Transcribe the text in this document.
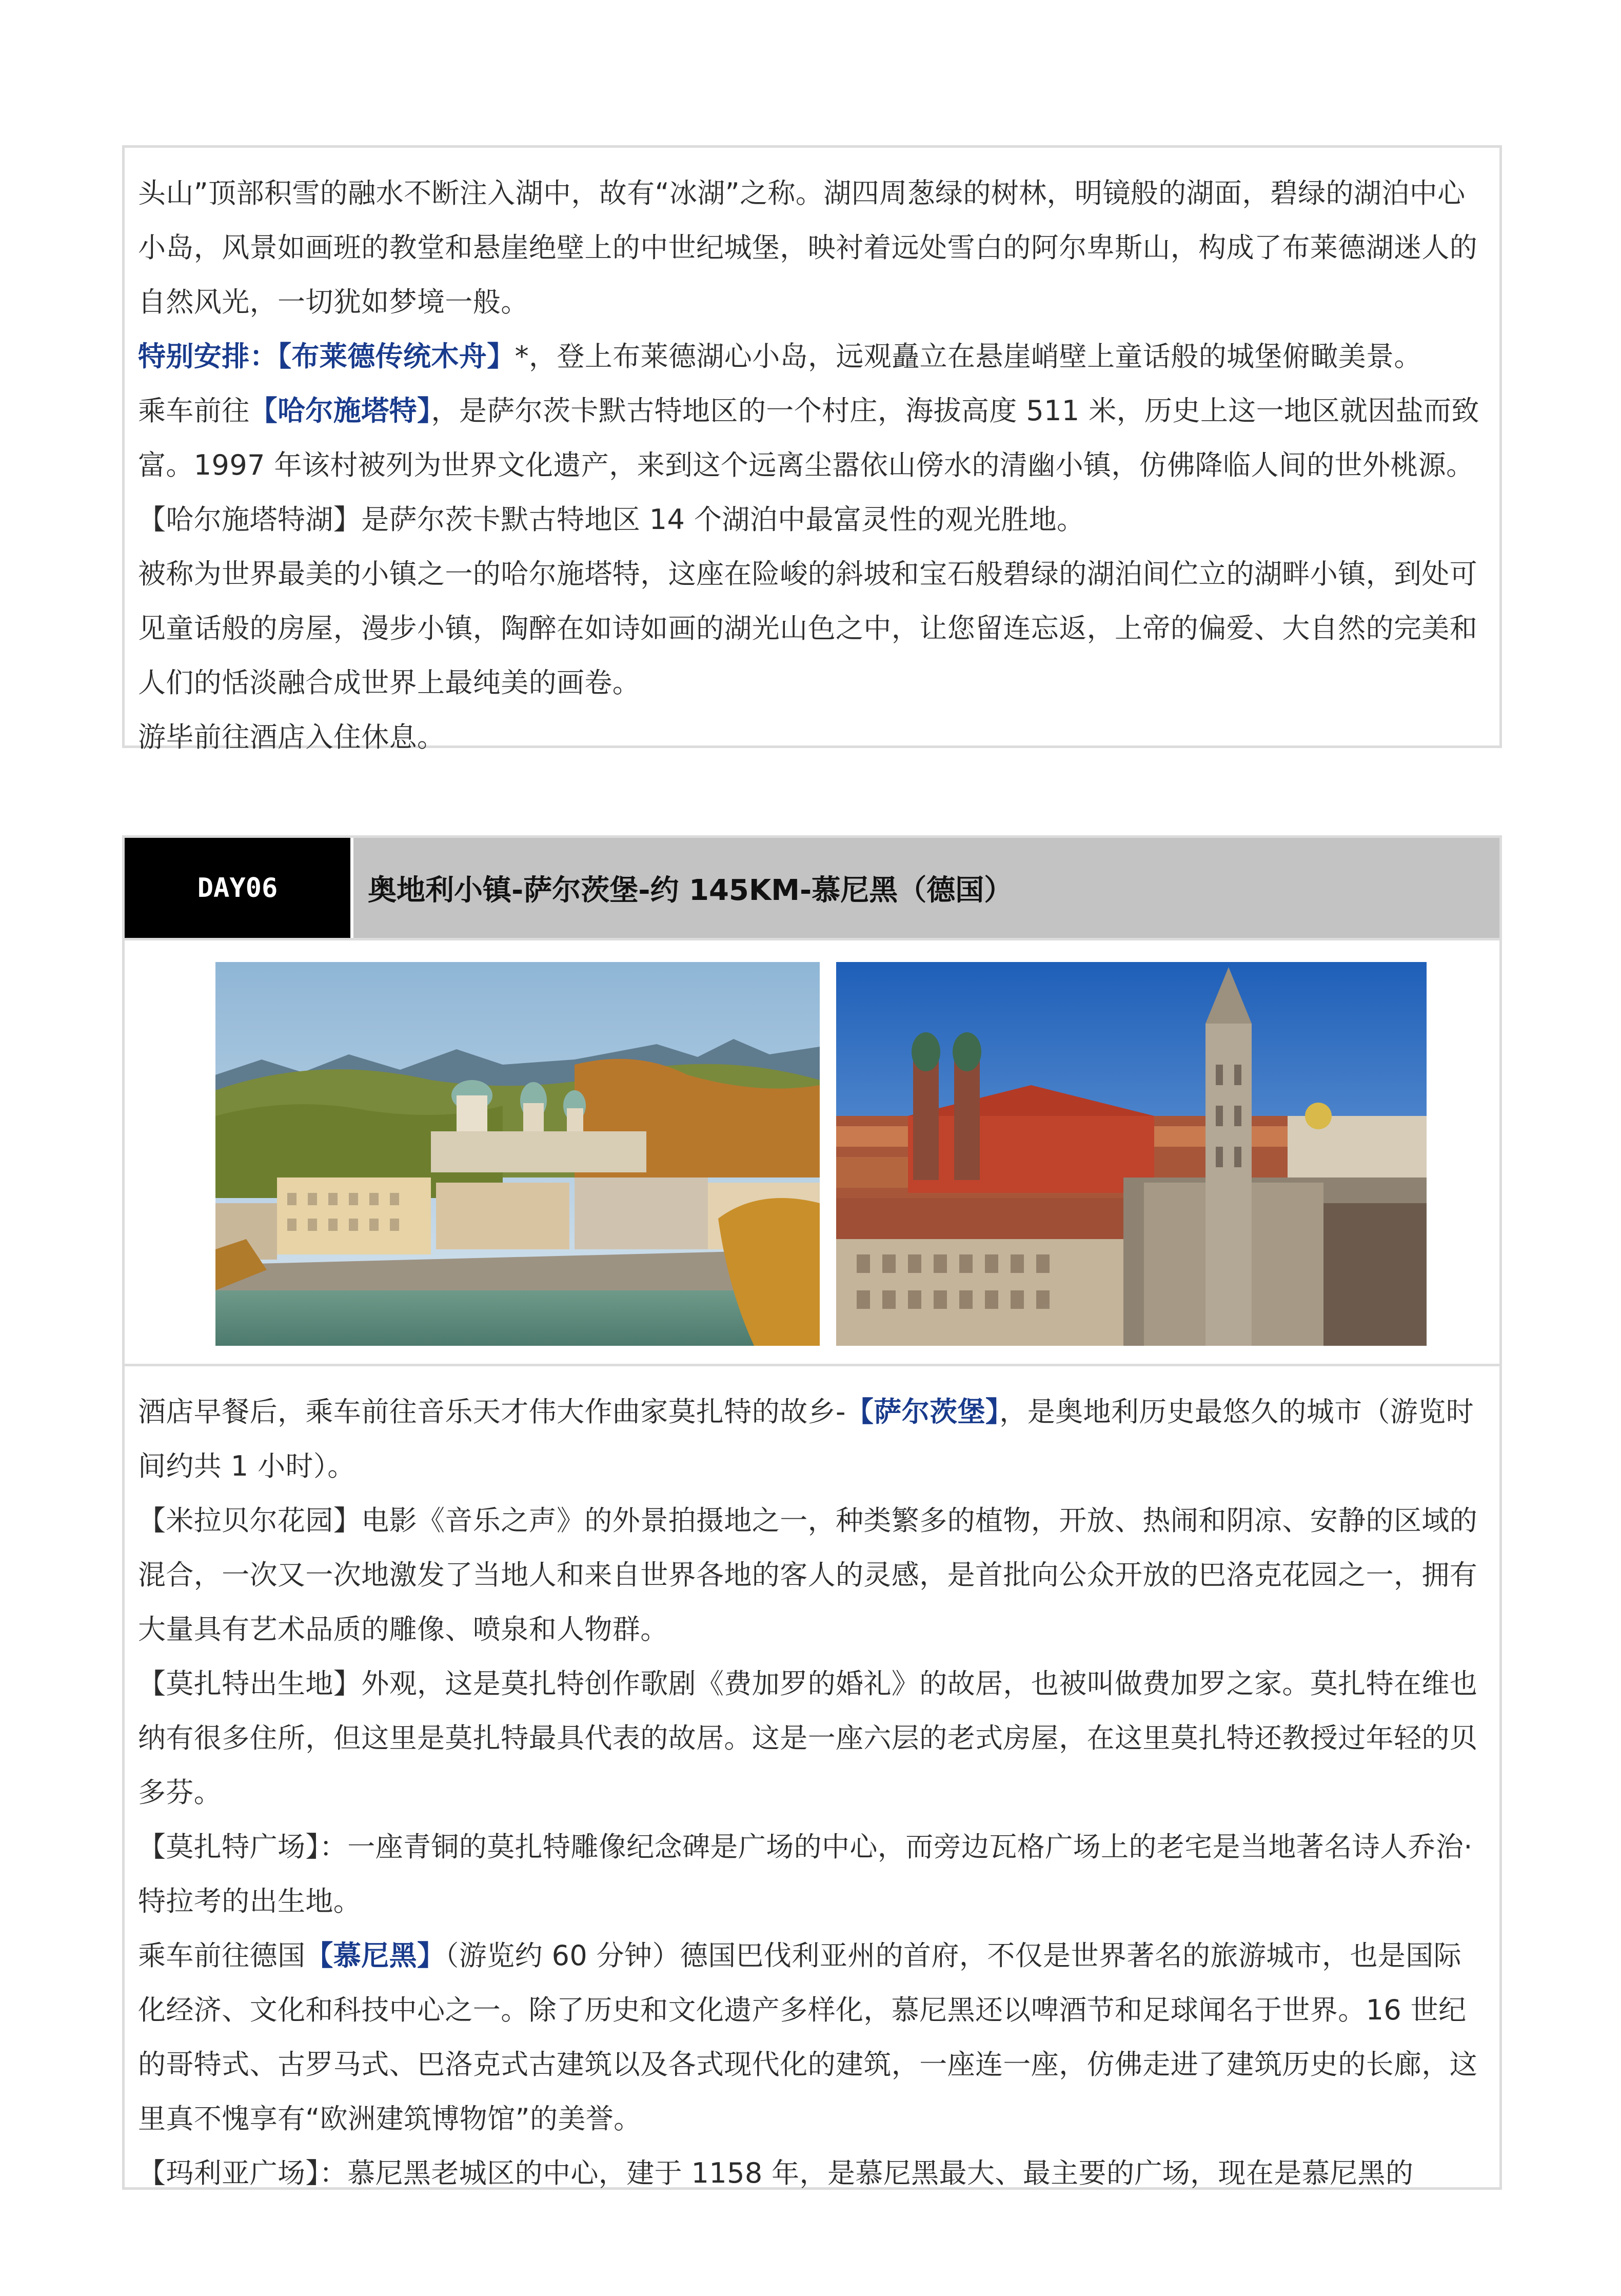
头山”顶部积雪的融水不断注入湖中，故有“冰湖”之称。湖四周葱绿的树林，明镜般的湖面，碧绿的湖泊中心小岛，风景如画班的教堂和悬崖绝壁上的中世纪城堡，映衬着远处雪白的阿尔卑斯山，构成了布莱德湖迷人的自然风光，一切犹如梦境一般。

特别安排：【布莱德传统木舟】*，登上布莱德湖心小岛，远观矗立在悬崖峭壁上童话般的城堡俯瞰美景。

乘车前往【哈尔施塔特】，是萨尔茨卡默古特地区的一个村庄，海拔高度 511 米，历史上这一地区就因盐而致富。1997 年该村被列为世界文化遗产，来到这个远离尘嚣依山傍水的清幽小镇，仿佛降临人间的世外桃源。【哈尔施塔特湖】是萨尔茨卡默古特地区 14 个湖泊中最富灵性的观光胜地。

被称为世界最美的小镇之一的哈尔施塔特，这座在险峻的斜坡和宝石般碧绿的湖泊间伫立的湖畔小镇，到处可见童话般的房屋，漫步小镇，陶醉在如诗如画的湖光山色之中，让您留连忘返，上帝的偏爱、大自然的完美和人们的恬淡融合成世界上最纯美的画卷。

游毕前往酒店入住休息。

DAY06	奥地利小镇-萨尔茨堡-约 145KM-慕尼黑（德国）

酒店早餐后，乘车前往音乐天才伟大作曲家莫扎特的故乡-【萨尔茨堡】，是奥地利历史最悠久的城市（游览时间约共 1 小时）。

【米拉贝尔花园】电影《音乐之声》的外景拍摄地之一，种类繁多的植物，开放、热闹和阴凉、安静的区域的混合，一次又一次地激发了当地人和来自世界各地的客人的灵感，是首批向公众开放的巴洛克花园之一，拥有大量具有艺术品质的雕像、喷泉和人物群。

【莫扎特出生地】外观，这是莫扎特创作歌剧《费加罗的婚礼》的故居，也被叫做费加罗之家。莫扎特在维也纳有很多住所，但这里是莫扎特最具代表的故居。这是一座六层的老式房屋，在这里莫扎特还教授过年轻的贝多芬。

【莫扎特广场】：一座青铜的莫扎特雕像纪念碑是广场的中心，而旁边瓦格广场上的老宅是当地著名诗人乔治·特拉考的出生地。

乘车前往德国【慕尼黑】（游览约 60 分钟）德国巴伐利亚州的首府，不仅是世界著名的旅游城市，也是国际化经济、文化和科技中心之一。除了历史和文化遗产多样化，慕尼黑还以啤酒节和足球闻名于世界。16 世纪的哥特式、古罗马式、巴洛克式古建筑以及各式现代化的建筑，一座连一座，仿佛走进了建筑历史的长廊，这里真不愧享有“欧洲建筑博物馆”的美誉。

【玛利亚广场】：慕尼黑老城区的中心，建于 1158 年，是慕尼黑最大、最主要的广场，现在是慕尼黑的
